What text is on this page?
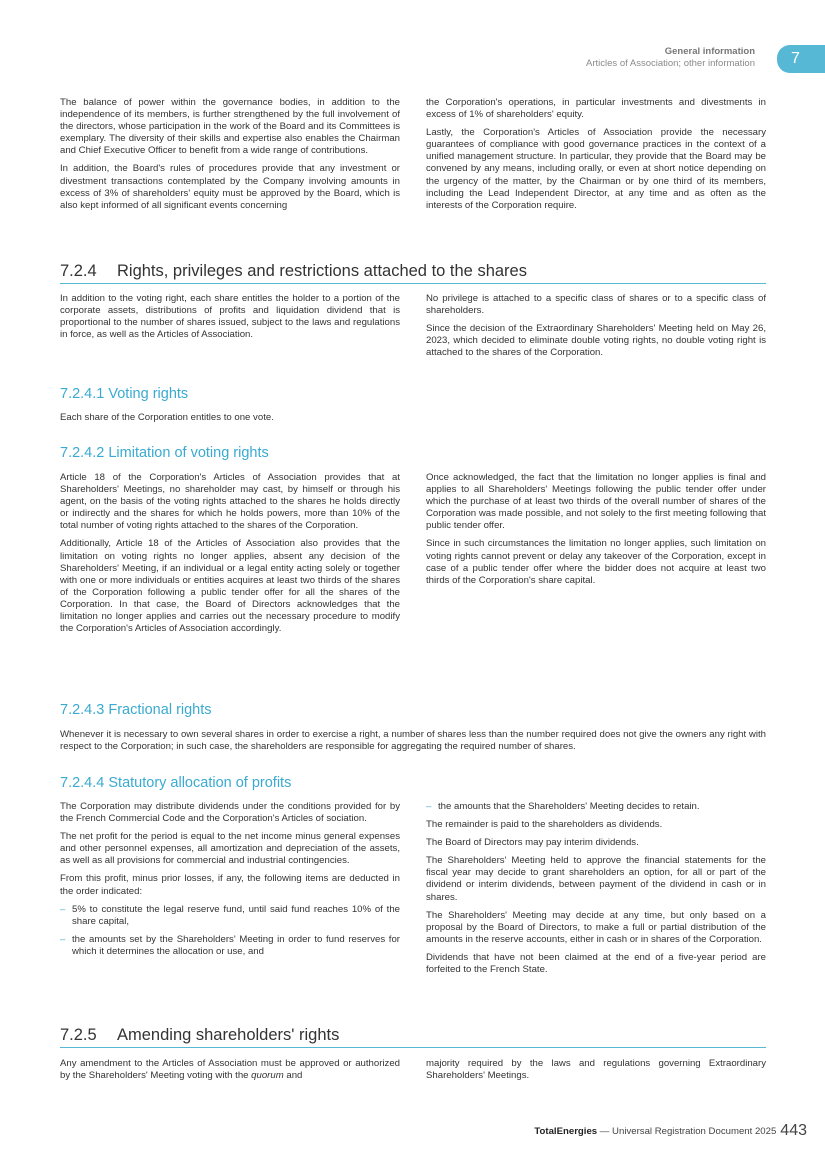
General information
Articles of Association; other information	7

The balance of power within the governance bodies, in addition to the independence of its members, is further strengthened by the full involvement of the directors, whose participation in the work of the Board and its Committees is exemplary. The diversity of their skills and expertise also enables the Chairman and Chief Executive Officer to benefit from a wide range of contributions.

In addition, the Board's rules of procedures provide that any investment or divestment transactions contemplated by the Company involving amounts in excess of 3% of shareholders' equity must be approved by the Board, which is also kept informed of all significant events concerning

the Corporation's operations, in particular investments and divestments in excess of 1% of shareholders' equity.

Lastly, the Corporation's Articles of Association provide the necessary guarantees of compliance with good governance practices in the context of a unified management structure. In particular, they provide that the Board may be convened by any means, including orally, or even at short notice depending on the urgency of the matter, by the Chairman or by one third of its members, including the Lead Independent Director, at any time and as often as the interests of the Corporation require.

7.2.4 Rights, privileges and restrictions attached to the shares

In addition to the voting right, each share entitles the holder to a portion of the corporate assets, distributions of profits and liquidation dividend that is proportional to the number of shares issued, subject to the laws and regulations in force, as well as the Articles of Association.

No privilege is attached to a specific class of shares or to a specific class of shareholders.

Since the decision of the Extraordinary Shareholders' Meeting held on May 26, 2023, which decided to eliminate double voting rights, no double voting right is attached to the shares of the Corporation.

7.2.4.1 Voting rights

Each share of the Corporation entitles to one vote.

7.2.4.2 Limitation of voting rights

Article 18 of the Corporation's Articles of Association provides that at Shareholders' Meetings, no shareholder may cast, by himself or through his agent, on the basis of the voting rights attached to the shares he holds directly or indirectly and the shares for which he holds powers, more than 10% of the total number of voting rights attached to the shares of the Corporation.

Additionally, Article 18 of the Articles of Association also provides that the limitation on voting rights no longer applies, absent any decision of the Shareholders' Meeting, if an individual or a legal entity acting solely or together with one or more individuals or entities acquires at least two thirds of the shares of the Corporation following a public tender offer for all the shares of the Corporation. In that case, the Board of Directors acknowledges that the limitation no longer applies and carries out the necessary procedure to modify the Corporation's Articles of Association accordingly.

Once acknowledged, the fact that the limitation no longer applies is final and applies to all Shareholders' Meetings following the public tender offer under which the purchase of at least two thirds of the overall number of shares of the Corporation was made possible, and not solely to the first meeting following that public tender offer.

Since in such circumstances the limitation no longer applies, such limitation on voting rights cannot prevent or delay any takeover of the Corporation, except in case of a public tender offer where the bidder does not acquire at least two thirds of the Corporation's share capital.

7.2.4.3 Fractional rights

Whenever it is necessary to own several shares in order to exercise a right, a number of shares less than the number required does not give the owners any right with respect to the Corporation; in such case, the shareholders are responsible for aggregating the required number of shares.

7.2.4.4 Statutory allocation of profits

The Corporation may distribute dividends under the conditions provided for by the French Commercial Code and the Corporation's Articles of sociation.

The net profit for the period is equal to the net income minus general expenses and other personnel expenses, all amortization and depreciation of the assets, as well as all provisions for commercial and industrial contingencies.

From this profit, minus prior losses, if any, the following items are deducted in the order indicated:

– 5% to constitute the legal reserve fund, until said fund reaches 10% of the share capital,

– the amounts set by the Shareholders' Meeting in order to fund reserves for which it determines the allocation or use, and

– the amounts that the Shareholders' Meeting decides to retain.

The remainder is paid to the shareholders as dividends.

The Board of Directors may pay interim dividends.

The Shareholders' Meeting held to approve the financial statements for the fiscal year may decide to grant shareholders an option, for all or part of the dividend or interim dividends, between payment of the dividend in cash or in shares.

The Shareholders' Meeting may decide at any time, but only based on a proposal by the Board of Directors, to make a full or partial distribution of the amounts in the reserve accounts, either in cash or in shares of the Corporation.

Dividends that have not been claimed at the end of a five-year period are forfeited to the French State.

7.2.5 Amending shareholders' rights

Any amendment to the Articles of Association must be approved or authorized by the Shareholders' Meeting voting with the quorum and

majority required by the laws and regulations governing Extraordinary Shareholders' Meetings.

TotalEnergies — Universal Registration Document 2025 443
